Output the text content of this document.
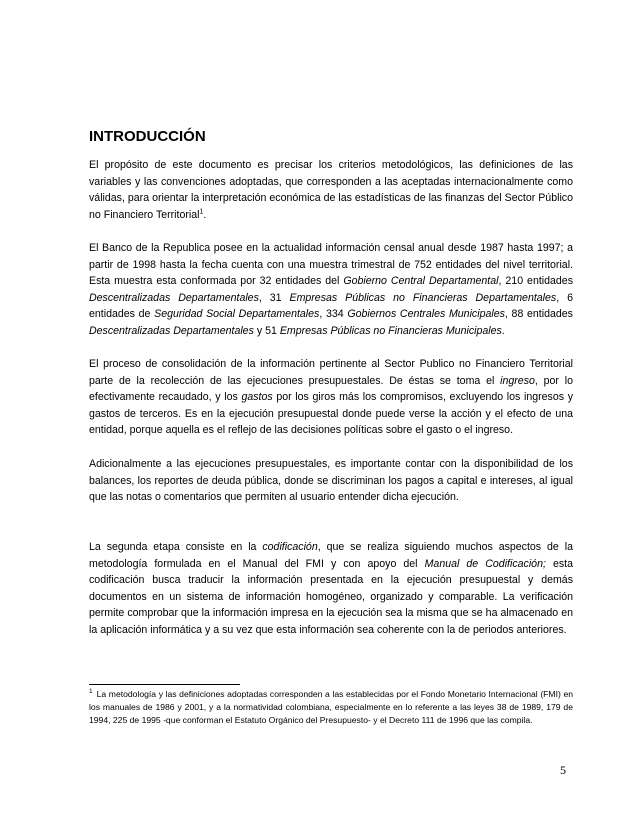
INTRODUCCIÓN

El propósito de este documento es precisar los criterios metodológicos, las definiciones de las variables y las convenciones adoptadas, que corresponden a las aceptadas internacionalmente como válidas, para orientar la interpretación económica de las estadísticas de las finanzas del Sector Público no Financiero Territorial$^1$.

El Banco de la Republica posee en la actualidad información censal anual desde 1987 hasta 1997; a partir de 1998 hasta la fecha cuenta con una muestra trimestral de 752 entidades del nivel territorial. Esta muestra esta conformada por 32 entidades del Gobierno Central Departamental, 210 entidades Descentralizadas Departamentales, 31 Empresas Públicas no Financieras Departamentales, 6 entidades de Seguridad Social Departamentales, 334 Gobiernos Centrales Municipales, 88 entidades Descentralizadas Departamentales y 51 Empresas Públicas no Financieras Municipales.

El proceso de consolidación de la información pertinente al Sector Publico no Financiero Territorial parte de la recolección de las ejecuciones presupuestales. De éstas se toma el ingreso, por lo efectivamente recaudado, y los gastos por los giros más los compromisos, excluyendo los ingresos y gastos de terceros. Es en la ejecución presupuestal donde puede verse la acción y el efecto de una entidad, porque aquella es el reflejo de las decisiones políticas sobre el gasto o el ingreso.

Adicionalmente a las ejecuciones presupuestales, es importante contar con la disponibilidad de los balances, los reportes de deuda pública, donde se discriminan los pagos a capital e intereses, al igual que las notas o comentarios que permiten al usuario entender dicha ejecución.

La segunda etapa consiste en la codificación, que se realiza siguiendo muchos aspectos de la metodología formulada en el Manual del FMI y con apoyo del Manual de Codificación; esta codificación busca traducir la información presentada en la ejecución presupuestal y demás documentos en un sistema de información homogéneo, organizado y comparable. La verificación permite comprobar que la información impresa en la ejecución sea la misma que se ha almacenado en la aplicación informática y a su vez que esta información sea coherente con la de periodos anteriores.

$^1$ La metodología y las definiciones adoptadas corresponden a las establecidas por el Fondo Monetario Internacional (FMI) en los manuales de 1986 y 2001, y a la normatividad colombiana, especialmente en lo referente a las leyes 38 de 1989, 179 de 1994, 225 de 1995 -que conforman el Estatuto Orgánico del Presupuesto- y el Decreto 111 de 1996 que las compila.

5
